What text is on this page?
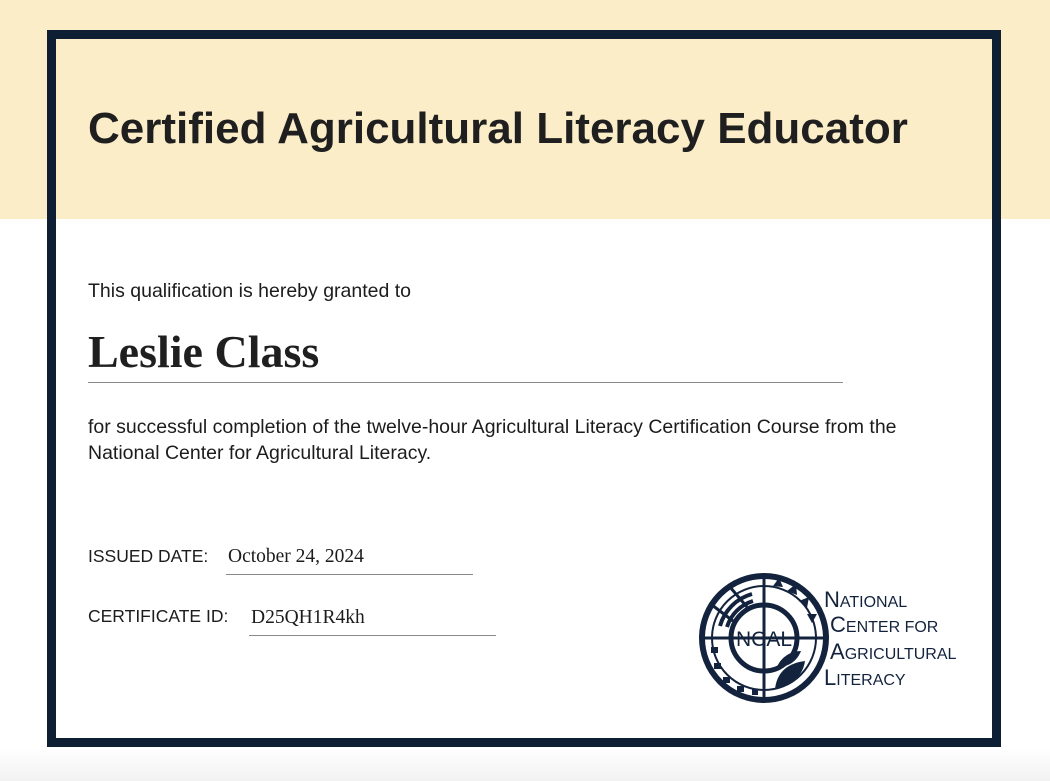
Certified Agricultural Literacy Educator
This qualification is hereby granted to
Leslie Class

for successful completion of the twelve-hour Agricultural Literacy Certification Course from the National Center for Agricultural Literacy.

ISSUED DATE: October 24, 2024
CERTIFICATE ID: D25QH1R4kh
NCAL
NATIONAL
CENTER FOR
AGRICULTURAL
LITERACY
